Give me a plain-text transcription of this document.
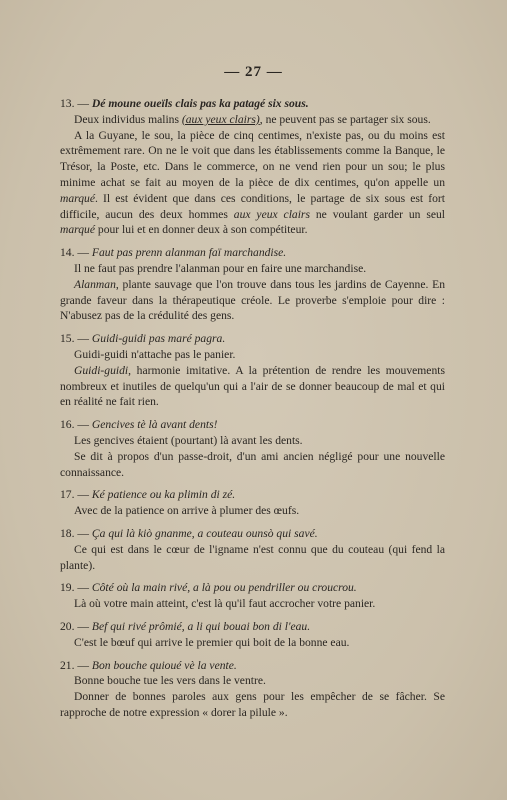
— 27 —
13. — Dé moune oueïls clais pas ka patagé six sous.

Deux individus malins (aux yeux clairs), ne peuvent pas se partager six sous.

A la Guyane, le sou, la pièce de cinq centimes, n'existe pas, ou du moins est extrêmement rare. On ne le voit que dans les établissements comme la Banque, le Trésor, la Poste, etc. Dans le commerce, on ne vend rien pour un sou; le plus minime achat se fait au moyen de la pièce de dix centimes, qu'on appelle un marqué. Il est évident que dans ces conditions, le partage de six sous est fort difficile, aucun des deux hommes aux yeux clairs ne voulant garder un seul marqué pour lui et en donner deux à son compétiteur.

14. — Faut pas prenn alanman faï marchandise.

Il ne faut pas prendre l'alanman pour en faire une marchandise.

Alanman, plante sauvage que l'on trouve dans tous les jardins de Cayenne. En grande faveur dans la thérapeutique créole. Le proverbe s'emploie pour dire : N'abusez pas de la crédulité des gens.

15. — Guidi-guidi pas maré pagra.

Guidi-guidi n'attache pas le panier.

Guidi-guidi, harmonie imitative. A la prétention de rendre les mouvements nombreux et inutiles de quelqu'un qui a l'air de se donner beaucoup de mal et qui en réalité ne fait rien.

16. — Gencives tè là avant dents!

Les gencives étaient (pourtant) là avant les dents.

Se dit à propos d'un passe-droit, d'un ami ancien négligé pour une nouvelle connaissance.

17. — Ké patience ou ka plimin di zé.

Avec de la patience on arrive à plumer des œufs.

18. — Ça qui là kiò gnanme, a couteau ounsò qui savé.

Ce qui est dans le cœur de l'igname n'est connu que du couteau (qui fend la plante).

19. — Côté où la main rivé, a là pou ou pendriller ou croucrou.

Là où votre main atteint, c'est là qu'il faut accrocher votre panier.

20. — Bef qui rivé prômié, a li qui bouai bon di l'eau.

C'est le bœuf qui arrive le premier qui boit de la bonne eau.

21. — Bon bouche quioué vè la vente.

Bonne bouche tue les vers dans le ventre.

Donner de bonnes paroles aux gens pour les empêcher de se fâcher. Se rapproche de notre expression « dorer la pilule ».
